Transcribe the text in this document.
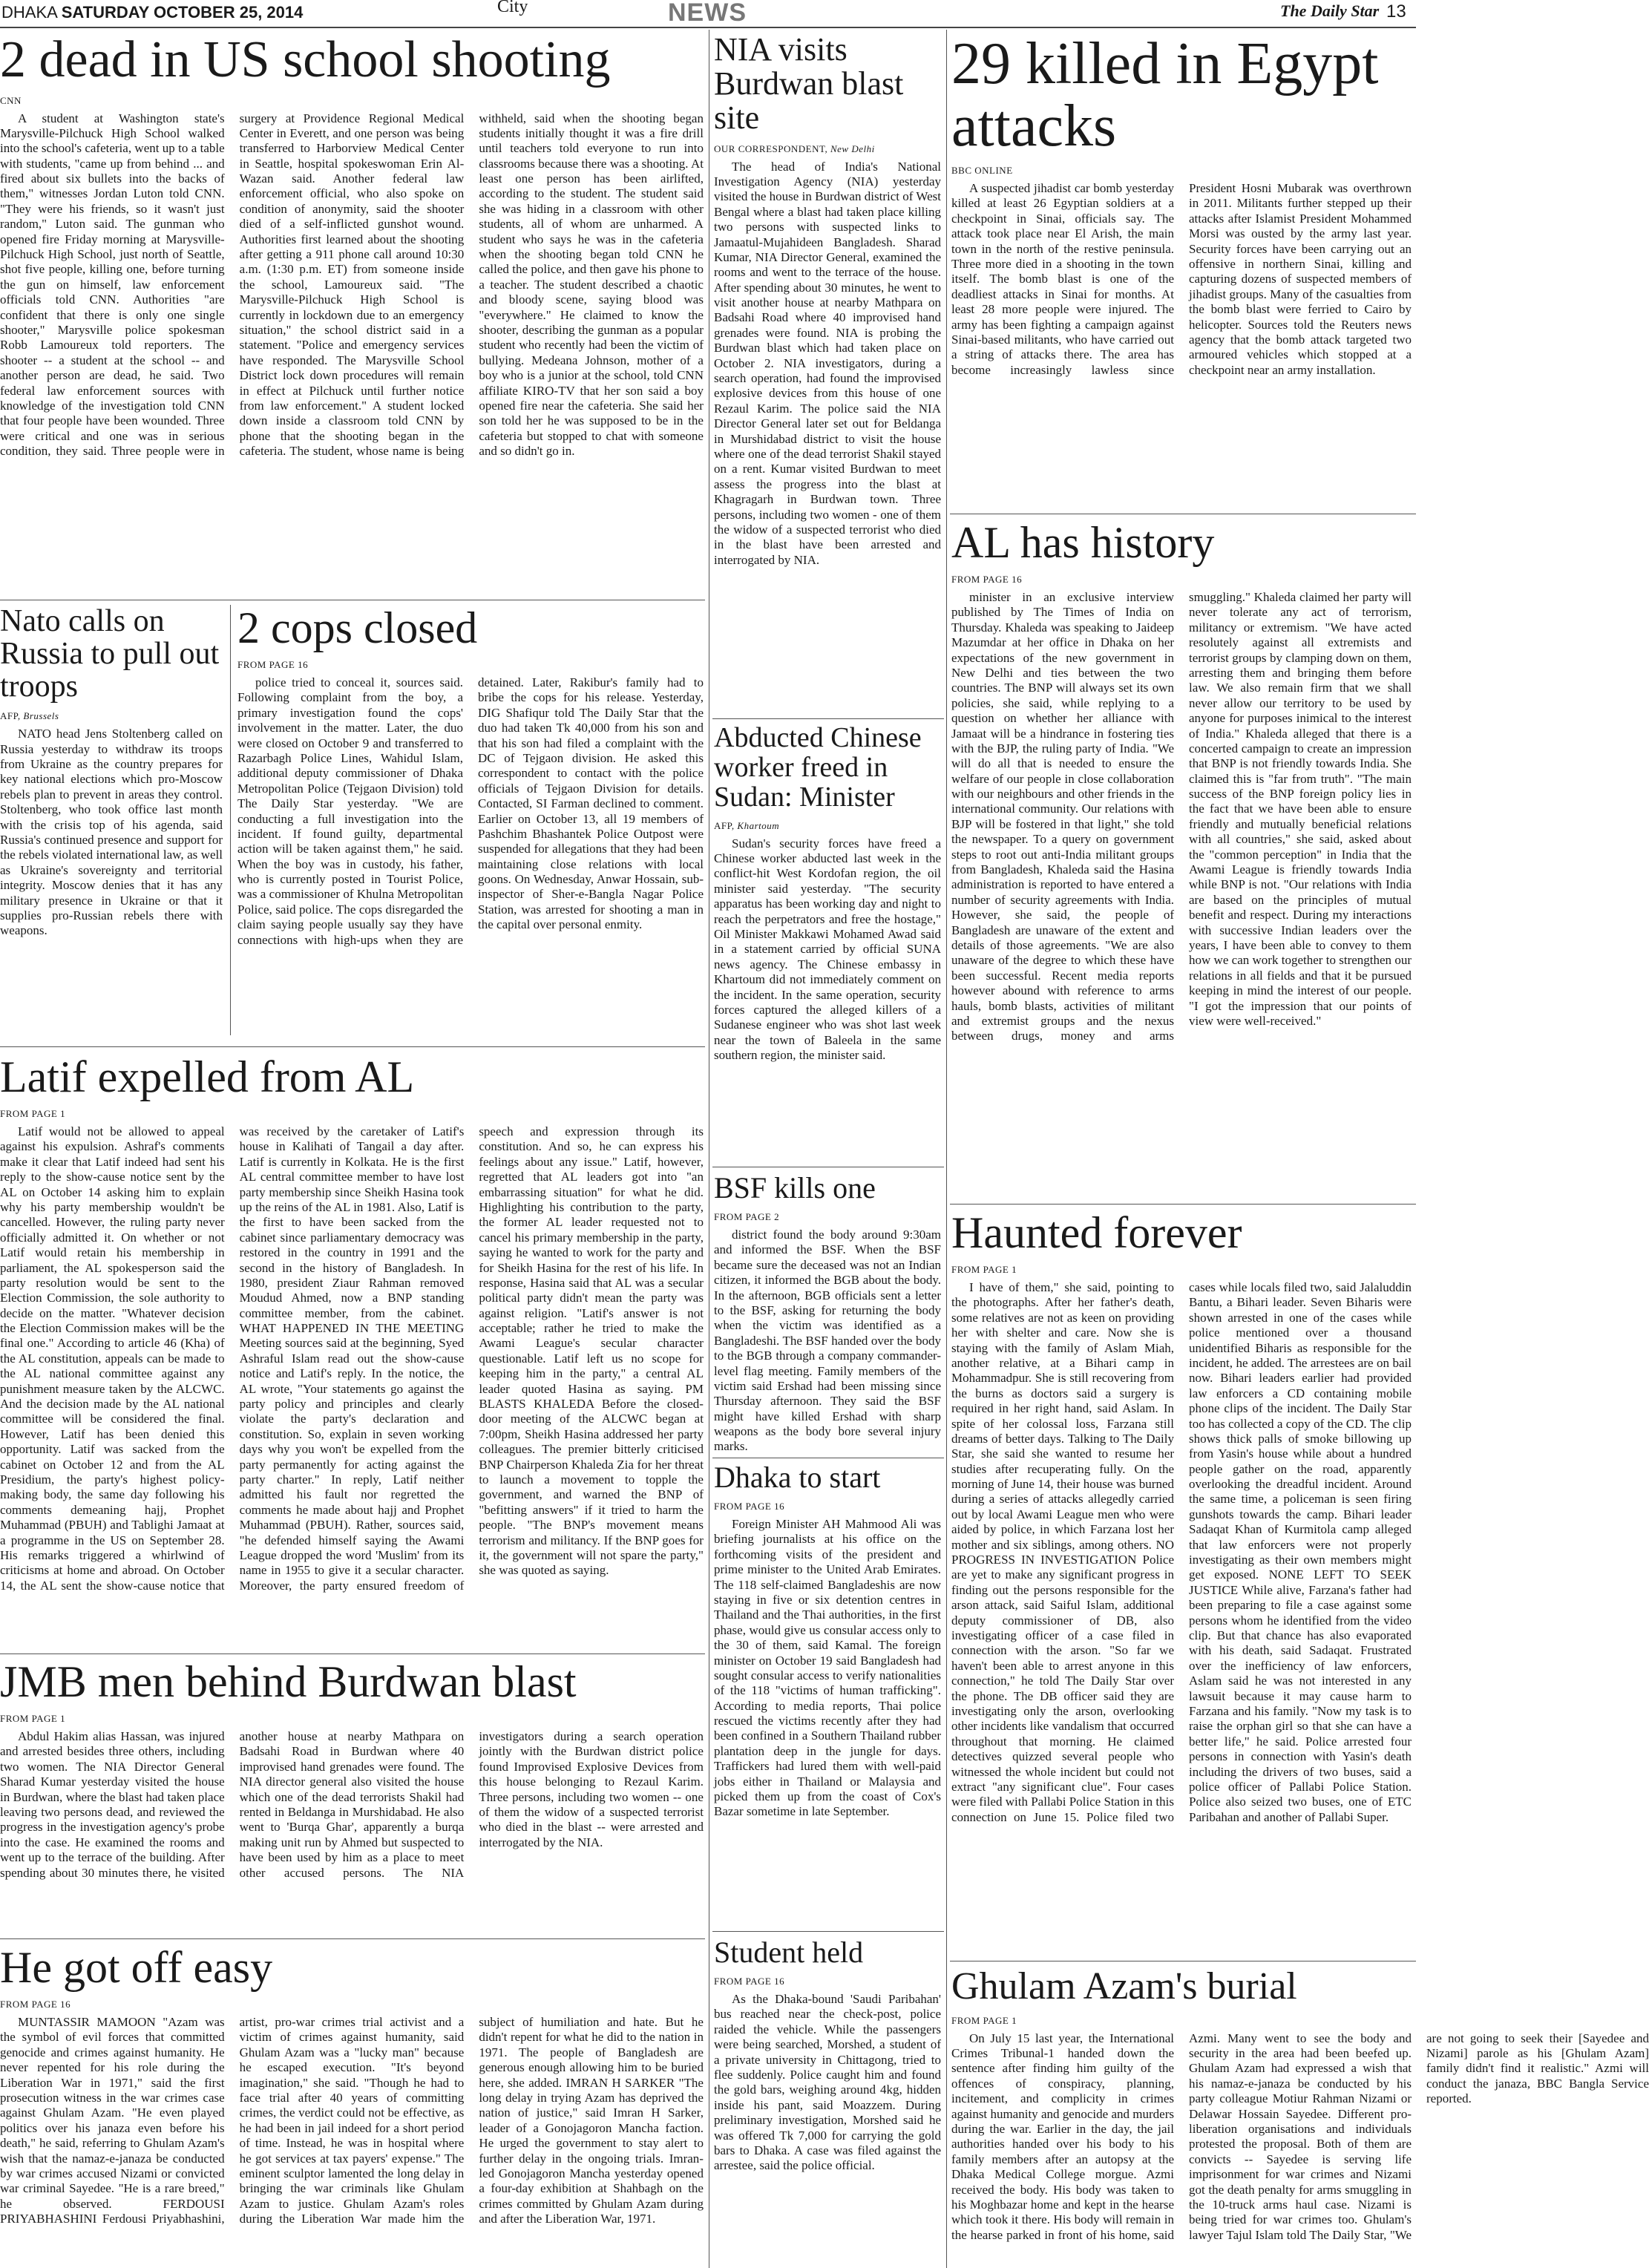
DHAKA SATURDAY OCTOBER 25, 2014	City	NEWS	The Daily Star 13
2 dead in US school shooting
CNN

A student at Washington state's Marysville-Pilchuck High School walked into the school's cafeteria, went up to a table with students, "came up from behind ... and fired about six bullets into the backs of them," witnesses Jordan Luton told CNN. "They were his friends, so it wasn't just random," Luton said. The gunman who opened fire Friday morning at Marysville-Pilchuck High School, just north of Seattle, shot five people, killing one, before turning the gun on himself, law enforcement officials told CNN. Authorities "are confident that there is only one single shooter," Marysville police spokesman Robb Lamoureux told reporters. The shooter -- a student at the school -- and another person are dead, he said. Two federal law enforcement sources with knowledge of the investigation told CNN that four people have been wounded. Three were critical and one was in serious condition, they said. Three people were in surgery at Providence Regional Medical Center in Everett, and one person was being transferred to Harborview Medical Center in Seattle, hospital spokeswoman Erin Al-Wazan said. Another federal law enforcement official, who also spoke on condition of anonymity, said the shooter died of a self-inflicted gunshot wound. Authorities first learned about the shooting after getting a 911 phone call around 10:30 a.m. (1:30 p.m. ET) from someone inside the school, Lamoureux said. "The Marysville-Pilchuck High School is currently in lockdown due to an emergency situation," the school district said in a statement. "Police and emergency services have responded. The Marysville School District lock down procedures will remain in effect at Pilchuck until further notice from law enforcement." A student locked down inside a classroom told CNN by phone that the shooting began in the cafeteria. The student, whose name is being withheld, said when the shooting began students initially thought it was a fire drill until teachers told everyone to run into classrooms because there was a shooting. At least one person has been airlifted, according to the student. The student said she was hiding in a classroom with other students, all of whom are unharmed. A student who says he was in the cafeteria when the shooting began told CNN he called the police, and then gave his phone to a teacher. The student described a chaotic and bloody scene, saying blood was "everywhere." He claimed to know the shooter, describing the gunman as a popular student who recently had been the victim of bullying. Medeana Johnson, mother of a boy who is a junior at the school, told CNN affiliate KIRO-TV that her son said a boy opened fire near the cafeteria. She said her son told her he was supposed to be in the cafeteria but stopped to chat with someone and so didn't go in.

NIA visits Burdwan blast site
OUR CORRESPONDENT, New Delhi

The head of India's National Investigation Agency (NIA) yesterday visited the house in Burdwan district of West Bengal where a blast had taken place killing two persons with suspected links to Jamaatul-Mujahideen Bangladesh. Sharad Kumar, NIA Director General, examined the rooms and went to the terrace of the house. After spending about 30 minutes, he went to visit another house at nearby Mathpara on Badsahi Road where 40 improvised hand grenades were found. NIA is probing the Burdwan blast which had taken place on October 2. NIA investigators, during a search operation, had found the improvised explosive devices from this house of one Rezaul Karim. The police said the NIA Director General later set out for Beldanga in Murshidabad district to visit the house where one of the dead terrorist Shakil stayed on a rent. Kumar visited Burdwan to meet assess the progress into the blast at Khagragarh in Burdwan town. Three persons, including two women - one of them the widow of a suspected terrorist who died in the blast have been arrested and interrogated by NIA.

29 killed in Egypt attacks
BBC ONLINE

A suspected jihadist car bomb yesterday killed at least 26 Egyptian soldiers at a checkpoint in Sinai, officials say. The attack took place near El Arish, the main town in the north of the restive peninsula. Three more died in a shooting in the town itself. The bomb blast is one of the deadliest attacks in Sinai for months. At least 28 more people were injured. The army has been fighting a campaign against Sinai-based militants, who have carried out a string of attacks there. The area has become increasingly lawless since President Hosni Mubarak was overthrown in 2011. Militants further stepped up their attacks after Islamist President Mohammed Morsi was ousted by the army last year. Security forces have been carrying out an offensive in northern Sinai, killing and capturing dozens of suspected members of jihadist groups. Many of the casualties from the bomb blast were ferried to Cairo by helicopter. Sources told the Reuters news agency that the bomb attack targeted two armoured vehicles which stopped at a checkpoint near an army installation.

Nato calls on Russia to pull out troops
AFP, Brussels

NATO head Jens Stoltenberg called on Russia yesterday to withdraw its troops from Ukraine as the country prepares for key national elections which pro-Moscow rebels plan to prevent in areas they control. Stoltenberg, who took office last month with the crisis top of his agenda, said Russia's continued presence and support for the rebels violated international law, as well as Ukraine's sovereignty and territorial integrity. Moscow denies that it has any military presence in Ukraine or that it supplies pro-Russian rebels there with weapons.

2 cops closed
FROM PAGE 16

police tried to conceal it, sources said. Following complaint from the boy, a primary investigation found the cops' involvement in the matter. Later, the duo were closed on October 9 and transferred to Razarbagh Police Lines, Wahidul Islam, additional deputy commissioner of Dhaka Metropolitan Police (Tejgaon Division) told The Daily Star yesterday. "We are conducting a full investigation into the incident. If found guilty, departmental action will be taken against them," he said. When the boy was in custody, his father, who is currently posted in Tourist Police, was a commissioner of Khulna Metropolitan Police, said police. The cops disregarded the claim saying people usually say they have connections with high-ups when they are detained. Later, Rakibur's family had to bribe the cops for his release. Yesterday, DIG Shafiqur told The Daily Star that the duo had taken Tk 40,000 from his son and that his son had filed a complaint with the DC of Tejgaon division. He asked this correspondent to contact with the police officials of Tejgaon Division for details. Contacted, SI Farman declined to comment. Earlier on October 13, all 19 members of Pashchim Bhashantek Police Outpost were suspended for allegations that they had been maintaining close relations with local goons. On Wednesday, Anwar Hossain, sub-inspector of Sher-e-Bangla Nagar Police Station, was arrested for shooting a man in the capital over personal enmity.

Abducted Chinese worker freed in Sudan: Minister
AFP, Khartoum

Sudan's security forces have freed a Chinese worker abducted last week in the conflict-hit West Kordofan region, the oil minister said yesterday. "The security apparatus has been working day and night to reach the perpetrators and free the hostage," Oil Minister Makkawi Mohamed Awad said in a statement carried by official SUNA news agency. The Chinese embassy in Khartoum did not immediately comment on the incident. In the same operation, security forces captured the alleged killers of a Sudanese engineer who was shot last week near the town of Baleela in the same southern region, the minister said.

AL has history
FROM PAGE 16

minister in an exclusive interview published by The Times of India on Thursday. Khaleda was speaking to Jaideep Mazumdar at her office in Dhaka on her expectations of the new government in New Delhi and ties between the two countries. The BNP will always set its own policies, she said, while replying to a question on whether her alliance with Jamaat will be a hindrance in fostering ties with the BJP, the ruling party of India. "We will do all that is needed to ensure the welfare of our people in close collaboration with our neighbours and other friends in the international community. Our relations with BJP will be fostered in that light," she told the newspaper. To a query on government steps to root out anti-India militant groups from Bangladesh, Khaleda said the Hasina administration is reported to have entered a number of security agreements with India. However, she said, the people of Bangladesh are unaware of the extent and details of those agreements. "We are also unaware of the degree to which these have been successful. Recent media reports however abound with reference to arms hauls, bomb blasts, activities of militant and extremist groups and the nexus between drugs, money and arms smuggling." Khaleda claimed her party will never tolerate any act of terrorism, militancy or extremism. "We have acted resolutely against all extremists and terrorist groups by clamping down on them, arresting them and bringing them before law. We also remain firm that we shall never allow our territory to be used by anyone for purposes inimical to the interest of India." Khaleda alleged that there is a concerted campaign to create an impression that BNP is not friendly towards India. She claimed this is "far from truth". "The main success of the BNP foreign policy lies in the fact that we have been able to ensure friendly and mutually beneficial relations with all countries," she said, asked about the "common perception" in India that the Awami League is friendly towards India while BNP is not. "Our relations with India are based on the principles of mutual benefit and respect. During my interactions with successive Indian leaders over the years, I have been able to convey to them how we can work together to strengthen our relations in all fields and that it be pursued keeping in mind the interest of our people. "I got the impression that our points of view were well-received."

Latif expelled from AL
FROM PAGE 1

Latif would not be allowed to appeal against his expulsion. Ashraf's comments make it clear that Latif indeed had sent his reply to the show-cause notice sent by the AL on October 14 asking him to explain why his party membership wouldn't be cancelled. However, the ruling party never officially admitted it. On whether or not Latif would retain his membership in parliament, the AL spokesperson said the party resolution would be sent to the Election Commission, the sole authority to decide on the matter. "Whatever decision the Election Commission makes will be the final one." According to article 46 (Kha) of the AL constitution, appeals can be made to the AL national committee against any punishment measure taken by the ALCWC. And the decision made by the AL national committee will be considered the final. However, Latif has been denied this opportunity. Latif was sacked from the cabinet on October 12 and from the AL Presidium, the party's highest policy-making body, the same day following his comments demeaning hajj, Prophet Muhammad (PBUH) and Tablighi Jamaat at a programme in the US on September 28. His remarks triggered a whirlwind of criticisms at home and abroad. On October 14, the AL sent the show-cause notice that was received by the caretaker of Latif's house in Kalihati of Tangail a day after. Latif is currently in Kolkata. He is the first AL central committee member to have lost party membership since Sheikh Hasina took up the reins of the AL in 1981. Also, Latif is the first to have been sacked from the cabinet since parliamentary democracy was restored in the country in 1991 and the second in the history of Bangladesh. In 1980, president Ziaur Rahman removed Moudud Ahmed, now a BNP standing committee member, from the cabinet. WHAT HAPPENED IN THE MEETING Meeting sources said at the beginning, Syed Ashraful Islam read out the show-cause notice and Latif's reply. In the notice, the AL wrote, "Your statements go against the party policy and principles and clearly violate the party's declaration and constitution. So, explain in seven working days why you won't be expelled from the party permanently for acting against the party charter." In reply, Latif neither admitted his fault nor regretted the comments he made about hajj and Prophet Muhammad (PBUH). Rather, sources said, "he defended himself saying the Awami League dropped the word 'Muslim' from its name in 1955 to give it a secular character. Moreover, the party ensured freedom of speech and expression through its constitution. And so, he can express his feelings about any issue." Latif, however, regretted that AL leaders got into "an embarrassing situation" for what he did. Highlighting his contribution to the party, the former AL leader requested not to cancel his primary membership in the party, saying he wanted to work for the party and for Sheikh Hasina for the rest of his life. In response, Hasina said that AL was a secular political party didn't mean the party was against religion. "Latif's answer is not acceptable; rather he tried to make the Awami League's secular character questionable. Latif left us no scope for keeping him in the party," a central AL leader quoted Hasina as saying. PM BLASTS KHALEDA Before the closed-door meeting of the ALCWC began at 7:00pm, Sheikh Hasina addressed her party colleagues. The premier bitterly criticised BNP Chairperson Khaleda Zia for her threat to launch a movement to topple the government, and warned the BNP of "befitting answers" if it tried to harm the people. "The BNP's movement means terrorism and militancy. If the BNP goes for it, the government will not spare the party," she was quoted as saying.

BSF kills one
FROM PAGE 2

district found the body around 9:30am and informed the BSF. When the BSF became sure the deceased was not an Indian citizen, it informed the BGB about the body. In the afternoon, BGB officials sent a letter to the BSF, asking for returning the body when the victim was identified as a Bangladeshi. The BSF handed over the body to the BGB through a company commander-level flag meeting. Family members of the victim said Ershad had been missing since Thursday afternoon. They said the BSF might have killed Ershad with sharp weapons as the body bore several injury marks.

Dhaka to start
FROM PAGE 16

Foreign Minister AH Mahmood Ali was briefing journalists at his office on the forthcoming visits of the president and prime minister to the United Arab Emirates. The 118 self-claimed Bangladeshis are now staying in five or six detention centres in Thailand and the Thai authorities, in the first phase, would give us consular access only to the 30 of them, said Kamal. The foreign minister on October 19 said Bangladesh had sought consular access to verify nationalities of the 118 "victims of human trafficking". According to media reports, Thai police rescued the victims recently after they had been confined in a Southern Thailand rubber plantation deep in the jungle for days. Traffickers had lured them with well-paid jobs either in Thailand or Malaysia and picked them up from the coast of Cox's Bazar sometime in late September.

Haunted forever
FROM PAGE 1

I have of them," she said, pointing to the photographs. After her father's death, some relatives are not as keen on providing her with shelter and care. Now she is staying with the family of Aslam Miah, another relative, at a Bihari camp in Mohammadpur. She is still recovering from the burns as doctors said a surgery is required in her right hand, said Aslam. In spite of her colossal loss, Farzana still dreams of better days. Talking to The Daily Star, she said she wanted to resume her studies after recuperating fully. On the morning of June 14, their house was burned during a series of attacks allegedly carried out by local Awami League men who were aided by police, in which Farzana lost her mother and six siblings, among others. NO PROGRESS IN INVESTIGATION Police are yet to make any significant progress in finding out the persons responsible for the arson attack, said Saiful Islam, additional deputy commissioner of DB, also investigating officer of a case filed in connection with the arson. "So far we haven't been able to arrest anyone in this connection," he told The Daily Star over the phone. The DB officer said they are investigating only the arson, overlooking other incidents like vandalism that occurred throughout that morning. He claimed detectives quizzed several people who witnessed the whole incident but could not extract "any significant clue". Four cases were filed with Pallabi Police Station in this connection on June 15. Police filed two cases while locals filed two, said Jalaluddin Bantu, a Bihari leader. Seven Biharis were shown arrested in one of the cases while police mentioned over a thousand unidentified Biharis as responsible for the incident, he added. The arrestees are on bail now. Bihari leaders earlier had provided law enforcers a CD containing mobile phone clips of the incident. The Daily Star too has collected a copy of the CD. The clip shows thick palls of smoke billowing up from Yasin's house while about a hundred people gather on the road, apparently overlooking the dreadful incident. Around the same time, a policeman is seen firing gunshots towards the camp. Bihari leader Sadaqat Khan of Kurmitola camp alleged that law enforcers were not properly investigating as their own members might get exposed. NONE LEFT TO SEEK JUSTICE While alive, Farzana's father had been preparing to file a case against some persons whom he identified from the video clip. But that chance has also evaporated with his death, said Sadaqat. Frustrated over the inefficiency of law enforcers, Aslam said he was not interested in any lawsuit because it may cause harm to Farzana and his family. "Now my task is to raise the orphan girl so that she can have a better life," he said. Police arrested four persons in connection with Yasin's death including the drivers of two buses, said a police officer of Pallabi Police Station. Police also seized two buses, one of ETC Paribahan and another of Pallabi Super.

JMB men behind Burdwan blast
FROM PAGE 1

Abdul Hakim alias Hassan, was injured and arrested besides three others, including two women. The NIA Director General Sharad Kumar yesterday visited the house in Burdwan, where the blast had taken place leaving two persons dead, and reviewed the progress in the investigation agency's probe into the case. He examined the rooms and went up to the terrace of the building. After spending about 30 minutes there, he visited another house at nearby Mathpara on Badsahi Road in Burdwan where 40 improvised hand grenades were found. The NIA director general also visited the house which one of the dead terrorists Shakil had rented in Beldanga in Murshidabad. He also went to 'Burqa Ghar', apparently a burqa making unit run by Ahmed but suspected to have been used by him as a place to meet other accused persons. The NIA investigators during a search operation jointly with the Burdwan district police found Improvised Explosive Devices from this house belonging to Rezaul Karim. Three persons, including two women -- one of them the widow of a suspected terrorist who died in the blast -- were arrested and interrogated by the NIA.

Student held
FROM PAGE 16

As the Dhaka-bound 'Saudi Paribahan' bus reached near the check-post, police raided the vehicle. While the passengers were being searched, Morshed, a student of a private university in Chittagong, tried to flee suddenly. Police caught him and found the gold bars, weighing around 4kg, hidden inside his pant, said Moazzem. During preliminary investigation, Morshed said he was offered Tk 7,000 for carrying the gold bars to Dhaka. A case was filed against the arrestee, said the police official.

He got off easy
FROM PAGE 16

MUNTASSIR MAMOON "Azam was the symbol of evil forces that committed genocide and crimes against humanity. He never repented for his role during the Liberation War in 1971," said the first prosecution witness in the war crimes case against Ghulam Azam. "He even played politics over his janaza even before his death," he said, referring to Ghulam Azam's wish that the namaz-e-janaza be conducted by war crimes accused Nizami or convicted war criminal Sayedee. "He is a rare breed," he observed. FERDOUSI PRIYABHASHINI Ferdousi Priyabhashini, artist, pro-war crimes trial activist and a victim of crimes against humanity, said Ghulam Azam was a "lucky man" because he escaped execution. "It's beyond imagination," she said. "Though he had to face trial after 40 years of committing crimes, the verdict could not be effective, as he had been in jail indeed for a short period of time. Instead, he was in hospital where he got services at tax payers' expense." The eminent sculptor lamented the long delay in bringing the war criminals like Ghulam Azam to justice. Ghulam Azam's roles during the Liberation War made him the subject of humiliation and hate. But he didn't repent for what he did to the nation in 1971. The people of Bangladesh are generous enough allowing him to be buried here, she added. IMRAN H SARKER "The long delay in trying Azam has deprived the nation of justice," said Imran H Sarker, leader of a Gonojagoron Mancha faction. He urged the government to stay alert to further delay in the ongoing trials. Imran-led Gonojagoron Mancha yesterday opened a four-day exhibition at Shahbagh on the crimes committed by Ghulam Azam during and after the Liberation War, 1971.

Ghulam Azam's burial
FROM PAGE 1

On July 15 last year, the International Crimes Tribunal-1 handed down the sentence after finding him guilty of the offences of conspiracy, planning, incitement, and complicity in crimes against humanity and genocide and murders during the war. Earlier in the day, the jail authorities handed over his body to his family members after an autopsy at the Dhaka Medical College morgue. Azmi received the body. His body was taken to his Moghbazar home and kept in the hearse which took it there. His body will remain in the hearse parked in front of his home, said Azmi. Many went to see the body and security in the area had been beefed up. Ghulam Azam had expressed a wish that his namaz-e-janaza be conducted by his party colleague Motiur Rahman Nizami or Delawar Hossain Sayedee. Different pro-liberation organisations and individuals protested the proposal. Both of them are convicts -- Sayedee is serving life imprisonment for war crimes and Nizami got the death penalty for arms smuggling in the 10-truck arms haul case. Nizami is being tried for war crimes too. Ghulam's lawyer Tajul Islam told The Daily Star, "We are not going to seek their [Sayedee and Nizami] parole as his [Ghulam Azam] family didn't find it realistic." Azmi will conduct the janaza, BBC Bangla Service reported.
